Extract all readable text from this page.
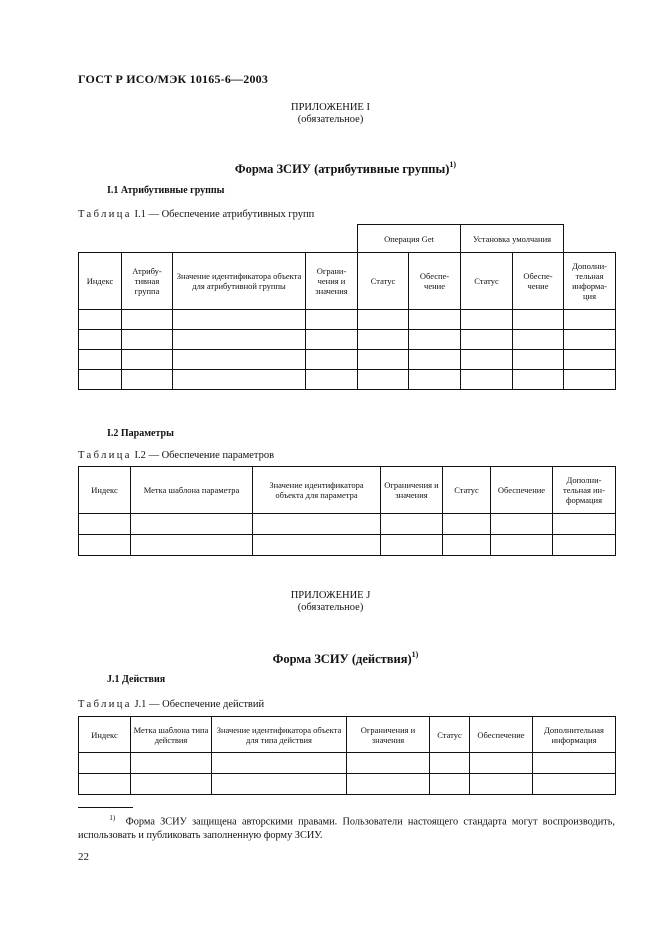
ГОСТ Р ИСО/МЭК 10165-6—2003
ПРИЛОЖЕНИЕ I
(обязательное)
Форма ЗСИУ (атрибутивные группы)$^{1)}$
I.1 Атрибутивные группы
Таблица I.1 — Обеспечение атрибутивных групп
				Операция Get		Установка умолчания		
Индекс	Атрибу-тивная группа	Значение идентификатора объекта для атрибутивной группы	Ограни-чения и значения	Статус	Обеспе-чение	Статус	Обеспе-чение	Дополни-тельная информа-ция

I.2 Параметры
Таблица I.2 — Обеспечение параметров
Индекс	Метка шаблона параметра	Значение идентификатора объекта для параметра	Ограничения и значения	Статус	Обеспечение	Дополни-тельная ин-формация

ПРИЛОЖЕНИЕ J
(обязательное)
Форма ЗСИУ (действия)$^{1)}$
J.1 Действия
Таблица J.1 — Обеспечение действий
Индекс	Метка шаблона типа действия	Значение идентификатора объекта для типа действия	Ограничения и значения	Статус	Обеспечение	Дополнительная информация

$^{1)}$ Форма ЗСИУ защищена авторскими правами. Пользователи настоящего стандарта могут воспроизводить, использовать и публиковать заполненную форму ЗСИУ.
22
